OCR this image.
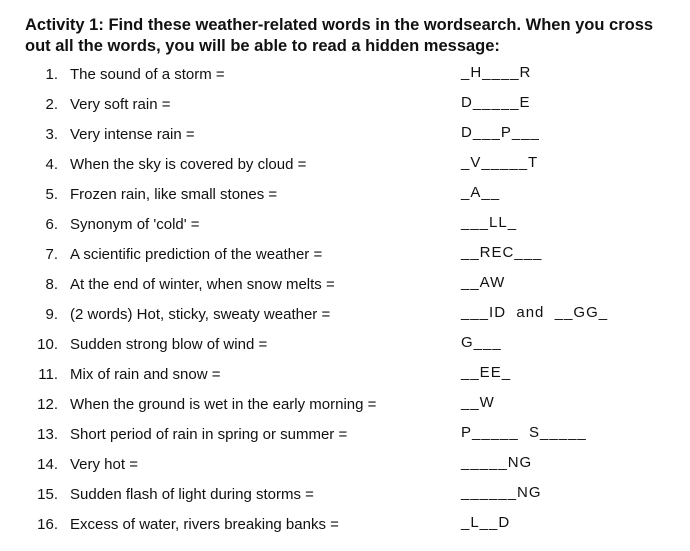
Activity 1: Find these weather-related words in the wordsearch. When you cross out all the words, you will be able to read a hidden message:
1. The sound of a storm =	_H____R
2. Very soft rain =	D_____E
3. Very intense rain =	D___P___
4. When the sky is covered by cloud =	_V_____T
5. Frozen rain, like small stones =	_A__
6. Synonym of 'cold' =	___LL_
7. A scientific prediction of the weather =	__REC___
8. At the end of winter, when snow melts =	__AW
9. (2 words) Hot, sticky, sweaty weather =	___ID  and  __GG_
10. Sudden strong blow of wind =	G___
11. Mix of rain and snow =	__EE_
12. When the ground is wet in the early morning =	__W
13. Short period of rain in spring or summer =	P_____  S_____
14. Very hot =	_____NG
15. Sudden flash of light during storms =	______NG
16. Excess of water, rivers breaking banks =	_L__D
